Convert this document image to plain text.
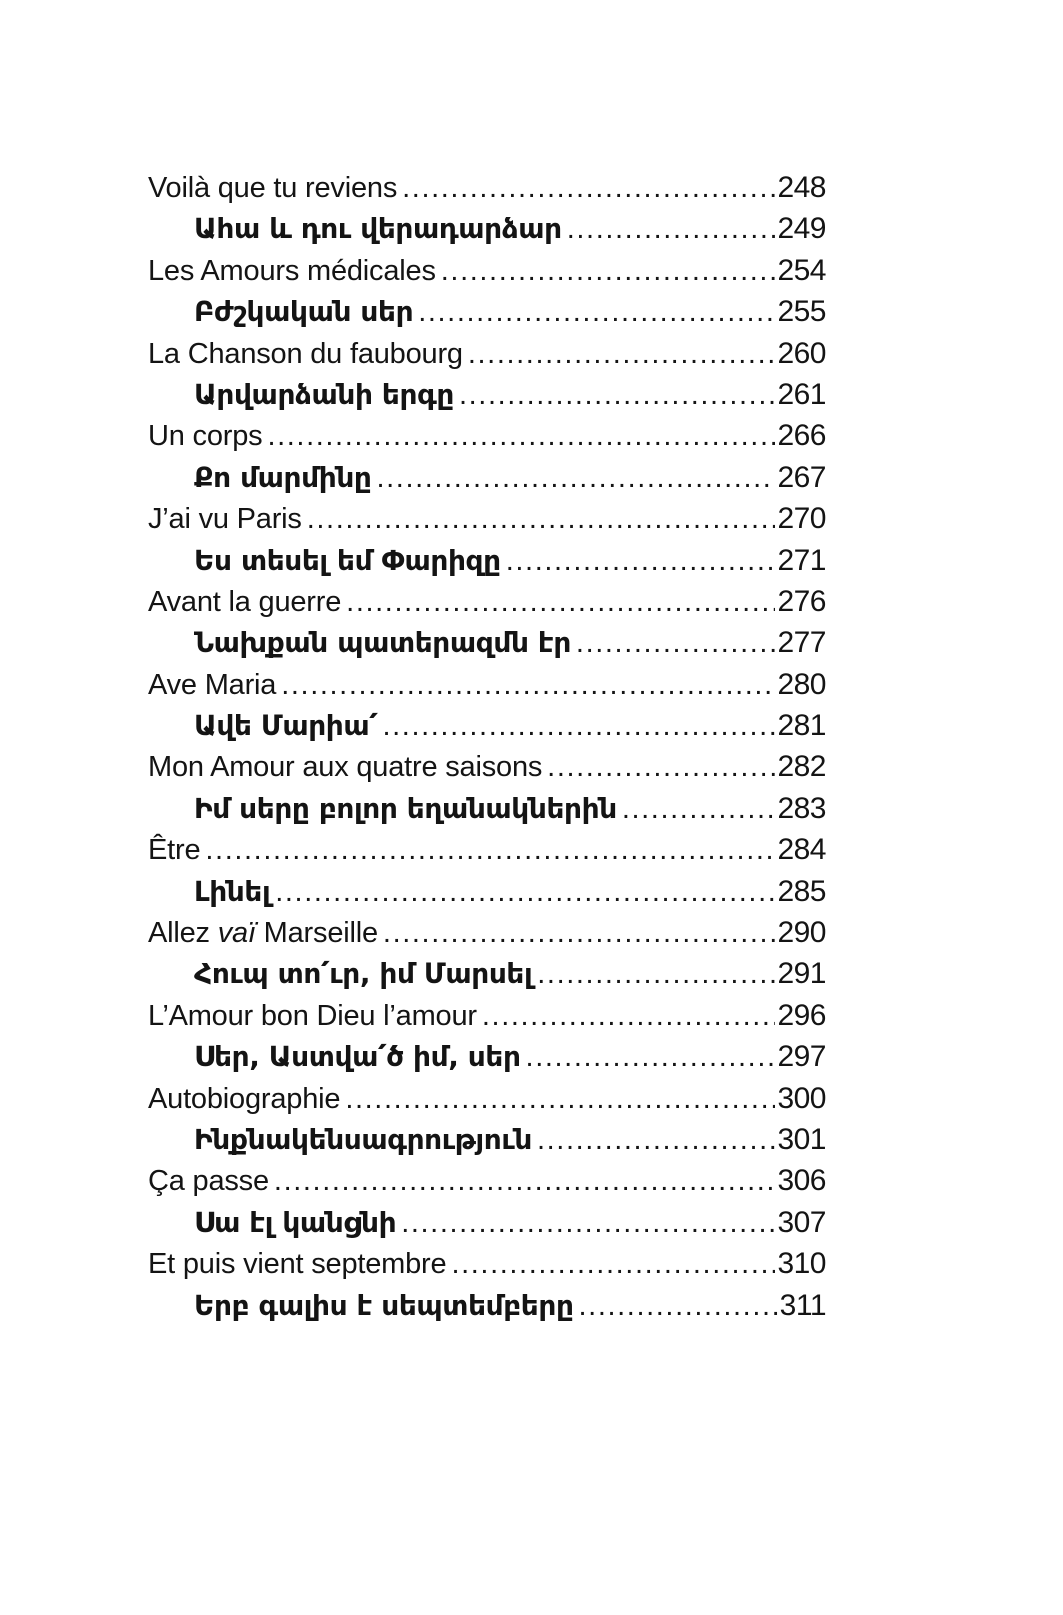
Voilà que tu reviens .....	248
Ահա և դու վերադարձար .....	249
Les Amours médicales .....	254
Բժշկական սեր .....	255
La Chanson du faubourg .....	260
Արվարձանի երգը .....	261
Un corps .....	266
Քո մարմինը .....	267
J’ai vu Paris .....	270
Ես տեսել եմ Փարիզը .....	271
Avant la guerre .....	276
Նախքան պատերազմն էր .....	277
Ave Maria .....	280
Ավե Մարիա՛ .....	281
Mon Amour aux quatre saisons .....	282
Իմ սերը բոլոր եղանակներին .....	283
Être .....	284
Լինել .....	285
Allez vaï Marseille .....	290
Հուպ տո՛ւր, իմ Մարսել .....	291
L’Amour bon Dieu l’amour .....	296
Սեր, Աստվա՛ծ իմ, սեր .....	297
Autobiographie .....	300
Ինքնակենսագրություն .....	301
Ça passe .....	306
Սա էլ կանցնի .....	307
Et puis vient septembre .....	310
Երբ գալիս է սեպտեմբերը .....	311
